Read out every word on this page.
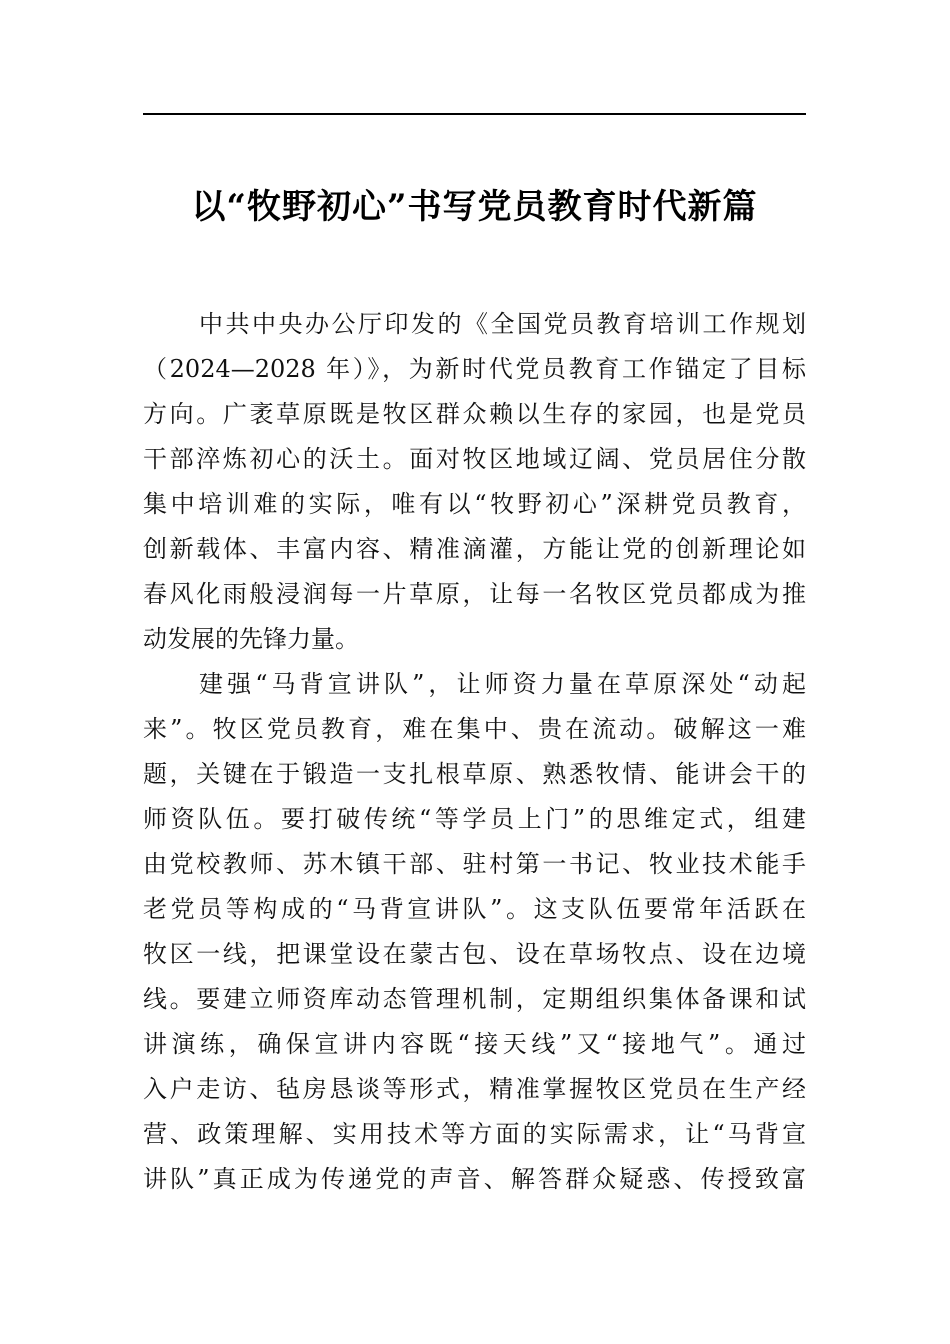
以“牧野初心”书写党员教育时代新篇
中共中央办公厅印发的《全国党员教育培训工作规划
（2024—2028 年）》，为新时代党员教育工作锚定了目标
方向。广袤草原既是牧区群众赖以生存的家园，也是党员
干部淬炼初心的沃土。面对牧区地域辽阔、党员居住分散
集中培训难的实际，唯有以“牧野初心”深耕党员教育，
创新载体、丰富内容、精准滴灌，方能让党的创新理论如
春风化雨般浸润每一片草原，让每一名牧区党员都成为推
动发展的先锋力量。
建强“马背宣讲队”，让师资力量在草原深处“动起
来”。牧区党员教育，难在集中、贵在流动。破解这一难
题，关键在于锻造一支扎根草原、熟悉牧情、能讲会干的
师资队伍。要打破传统“等学员上门”的思维定式，组建
由党校教师、苏木镇干部、驻村第一书记、牧业技术能手
老党员等构成的“马背宣讲队”。这支队伍要常年活跃在
牧区一线，把课堂设在蒙古包、设在草场牧点、设在边境
线。要建立师资库动态管理机制，定期组织集体备课和试
讲演练，确保宣讲内容既“接天线”又“接地气”。通过
入户走访、毡房恳谈等形式，精准掌握牧区党员在生产经
营、政策理解、实用技术等方面的实际需求，让“马背宣
讲队”真正成为传递党的声音、解答群众疑惑、传授致富
